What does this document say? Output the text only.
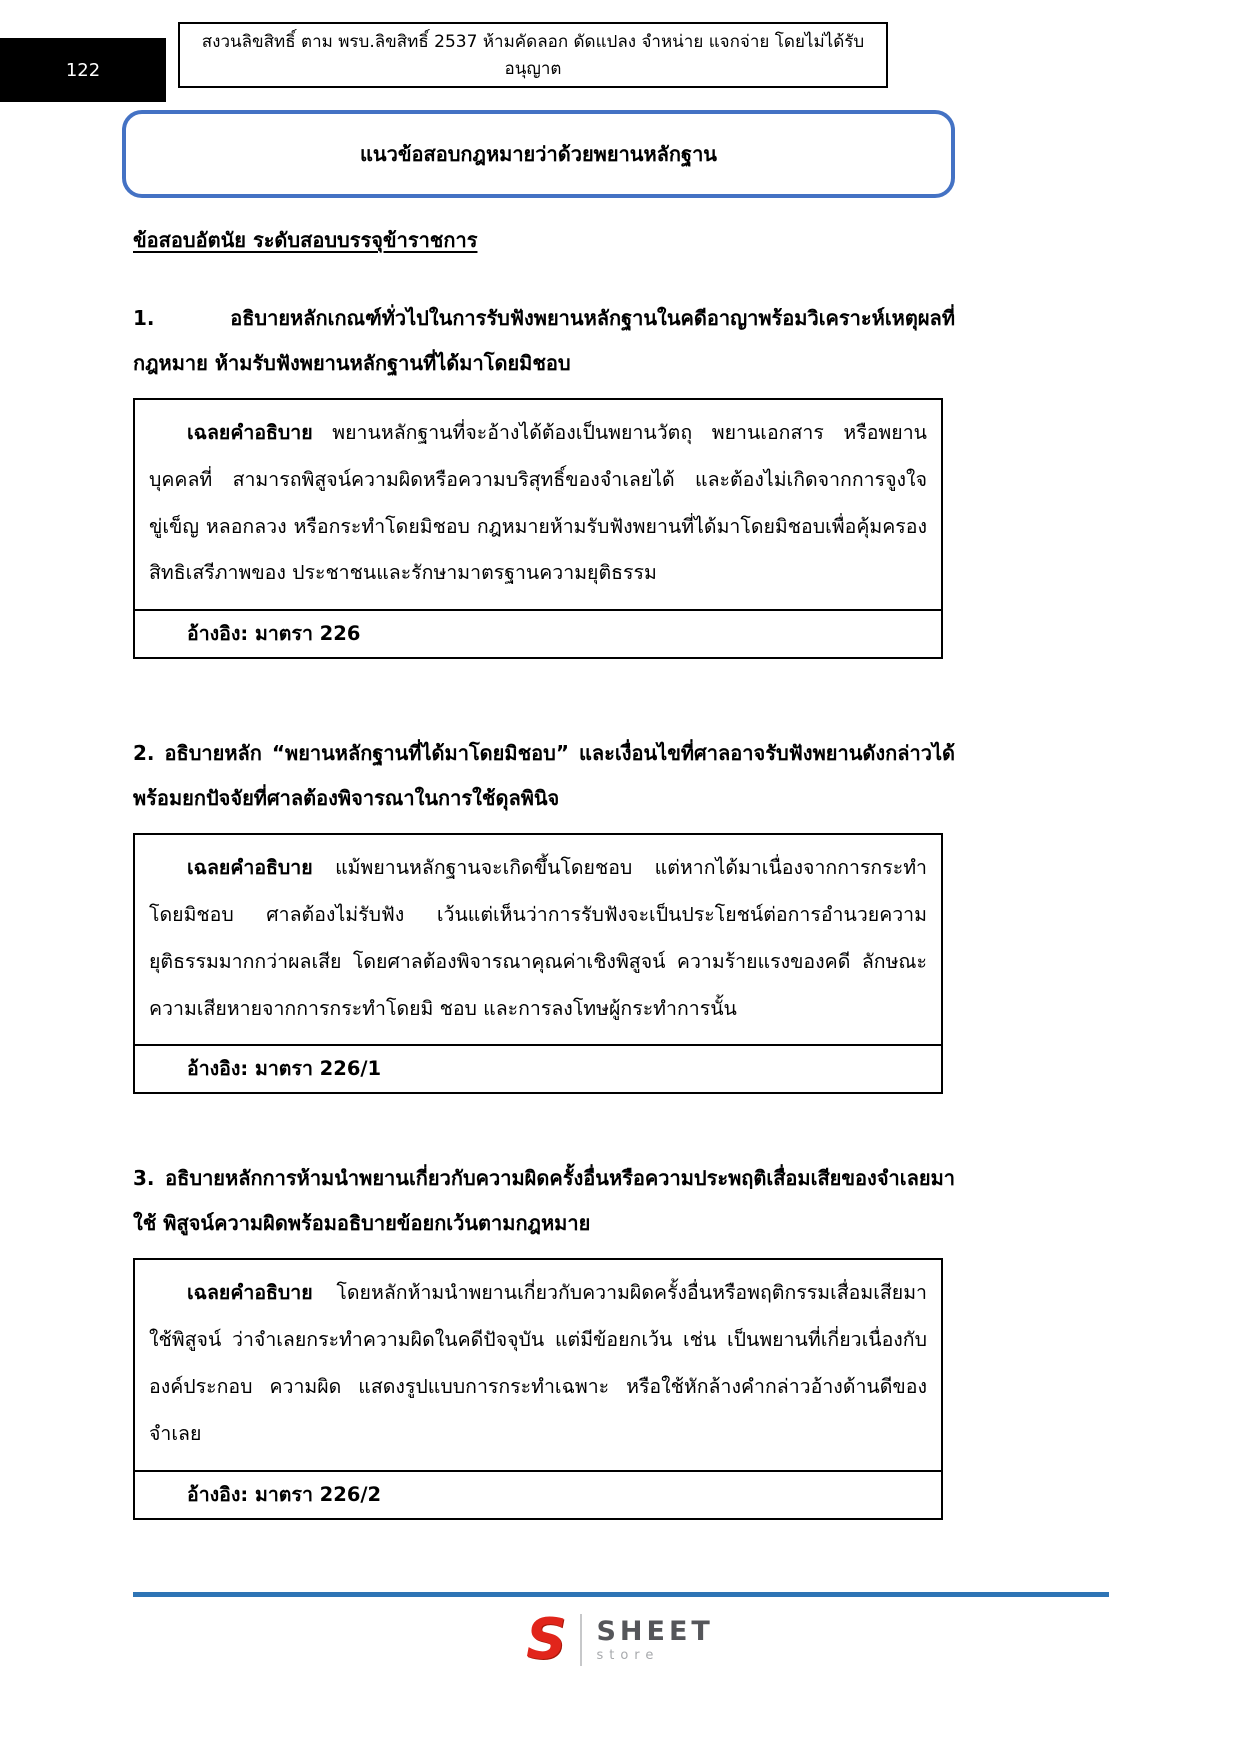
122
สงวนลิขสิทธิ์ ตาม พรบ.ลิขสิทธิ์ 2537 ห้ามคัดลอก ดัดแปลง จำหน่าย แจกจ่าย โดยไม่ได้รับอนุญาต
แนวข้อสอบกฎหมายว่าด้วยพยานหลักฐาน
ข้อสอบอัตนัย ระดับสอบบรรจุข้าราชการ
1. อธิบายหลักเกณฑ์ทั่วไปในการรับฟังพยานหลักฐานในคดีอาญาพร้อมวิเคราะห์เหตุผลที่กฎหมาย ห้ามรับฟังพยานหลักฐานที่ได้มาโดยมิชอบ
เฉลยคำอธิบาย พยานหลักฐานที่จะอ้างได้ต้องเป็นพยานวัตถุ พยานเอกสาร หรือพยานบุคคลที่ สามารถพิสูจน์ความผิดหรือความบริสุทธิ์ของจำเลยได้ และต้องไม่เกิดจากการจูงใจ ขู่เข็ญ หลอกลวง หรือกระทำโดยมิชอบ กฎหมายห้ามรับฟังพยานที่ได้มาโดยมิชอบเพื่อคุ้มครองสิทธิเสรีภาพของ ประชาชนและรักษามาตรฐานความยุติธรรม
อ้างอิง: มาตรา 226
2. อธิบายหลัก “พยานหลักฐานที่ได้มาโดยมิชอบ” และเงื่อนไขที่ศาลอาจรับฟังพยานดังกล่าวได้ พร้อมยกปัจจัยที่ศาลต้องพิจารณาในการใช้ดุลพินิจ
เฉลยคำอธิบาย แม้พยานหลักฐานจะเกิดขึ้นโดยชอบ แต่หากได้มาเนื่องจากการกระทำโดยมิชอบ ศาลต้องไม่รับฟัง เว้นแต่เห็นว่าการรับฟังจะเป็นประโยชน์ต่อการอำนวยความยุติธรรมมากกว่าผลเสีย โดยศาลต้องพิจารณาคุณค่าเชิงพิสูจน์ ความร้ายแรงของคดี ลักษณะความเสียหายจากการกระทำโดยมิ ชอบ และการลงโทษผู้กระทำการนั้น
อ้างอิง: มาตรา 226/1
3. อธิบายหลักการห้ามนำพยานเกี่ยวกับความผิดครั้งอื่นหรือความประพฤติเสื่อมเสียของจำเลยมาใช้ พิสูจน์ความผิดพร้อมอธิบายข้อยกเว้นตามกฎหมาย
เฉลยคำอธิบาย โดยหลักห้ามนำพยานเกี่ยวกับความผิดครั้งอื่นหรือพฤติกรรมเสื่อมเสียมาใช้พิสูจน์ ว่าจำเลยกระทำความผิดในคดีปัจจุบัน แต่มีข้อยกเว้น เช่น เป็นพยานที่เกี่ยวเนื่องกับองค์ประกอบ ความผิด แสดงรูปแบบการกระทำเฉพาะ หรือใช้หักล้างคำกล่าวอ้างด้านดีของจำเลย
อ้างอิง: มาตรา 226/2
S SHEET
store
